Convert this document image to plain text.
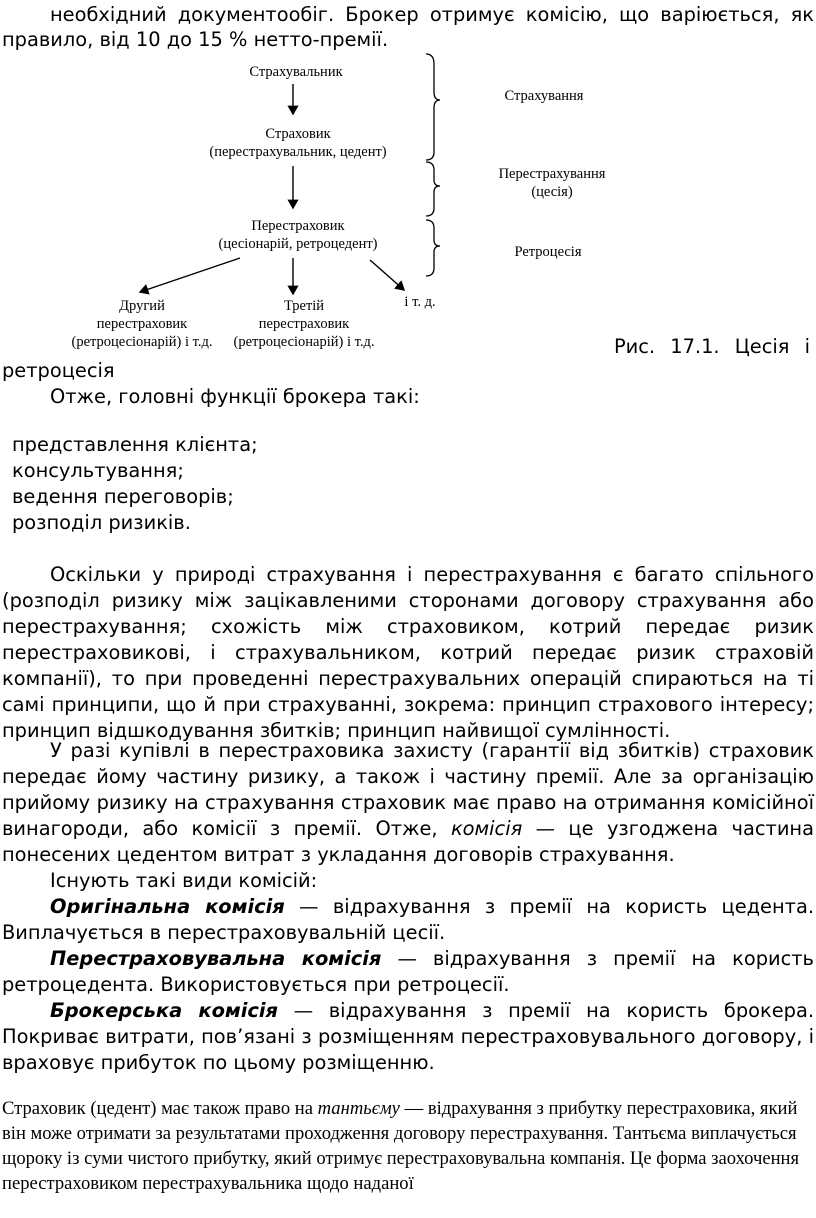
необхідний документообіг. Брокер отримує комісію, що варіюється, як

правило, від 10 до 15 % нетто-премії.

Страхувальник
Страховик
(перестрахувальник, цедент)
Перестраховик
(цесіонарій, ретроцедент)
Другий
перестраховик
(ретроцесіонарій) і т.д.
Третій
перестраховик
(ретроцесіонарій) і т.д.
і т. д.
Страхування
Перестрахування
(цесія)
Ретроцесія
Рис. 17.1. Цесія і
ретроцесія

Отже, головні функції брокера такі:

представлення клієнта;
консультування;
ведення переговорів;
розподіл ризиків.

Оскільки у природі страхування і перестрахування є багато спільного (розподіл ризику між зацікавленими сторонами договору страхування або перестрахування; схожість між страховиком, котрий передає ризик перестраховикові, і страхувальником, котрий передає ризик страховій компанії), то при проведенні перестрахувальних операцій спираються на ті самі принципи, що й при страхуванні, зокрема: принцип страхового інтересу; принцип відшкодування збитків; принцип найвищої сумлінності.

У разі купівлі в перестраховика захисту (гарантії від збитків) страховик передає йому частину ризику, а також і частину премії. Але за організацію прийому ризику на страхування страховик має право на отримання комісійної винагороди, або комісії з премії. Отже, комісія — це узгоджена частина понесених цедентом витрат з укладання договорів страхування.

Існують такі види комісій:

Оригінальна комісія — відрахування з премії на користь цедента. Виплачується в перестраховувальній цесії.

Перестраховувальна комісія — відрахування з премії на користь ретроцедента. Використовується при ретроцесії.

Брокерська комісія — відрахування з премії на користь брокера. Покриває витрати, пов’язані з розміщенням перестраховувального договору, і враховує прибуток по цьому розміщенню.

Страховик (цедент) має також право на тантьєму — відрахування з прибутку перестраховика, який він може отримати за результатами проходження договору перестрахування. Тантьєма виплачується щороку із суми чистого прибутку, який отримує перестраховувальна компанія. Це форма заохочення перестраховиком перестрахувальника щодо наданої
